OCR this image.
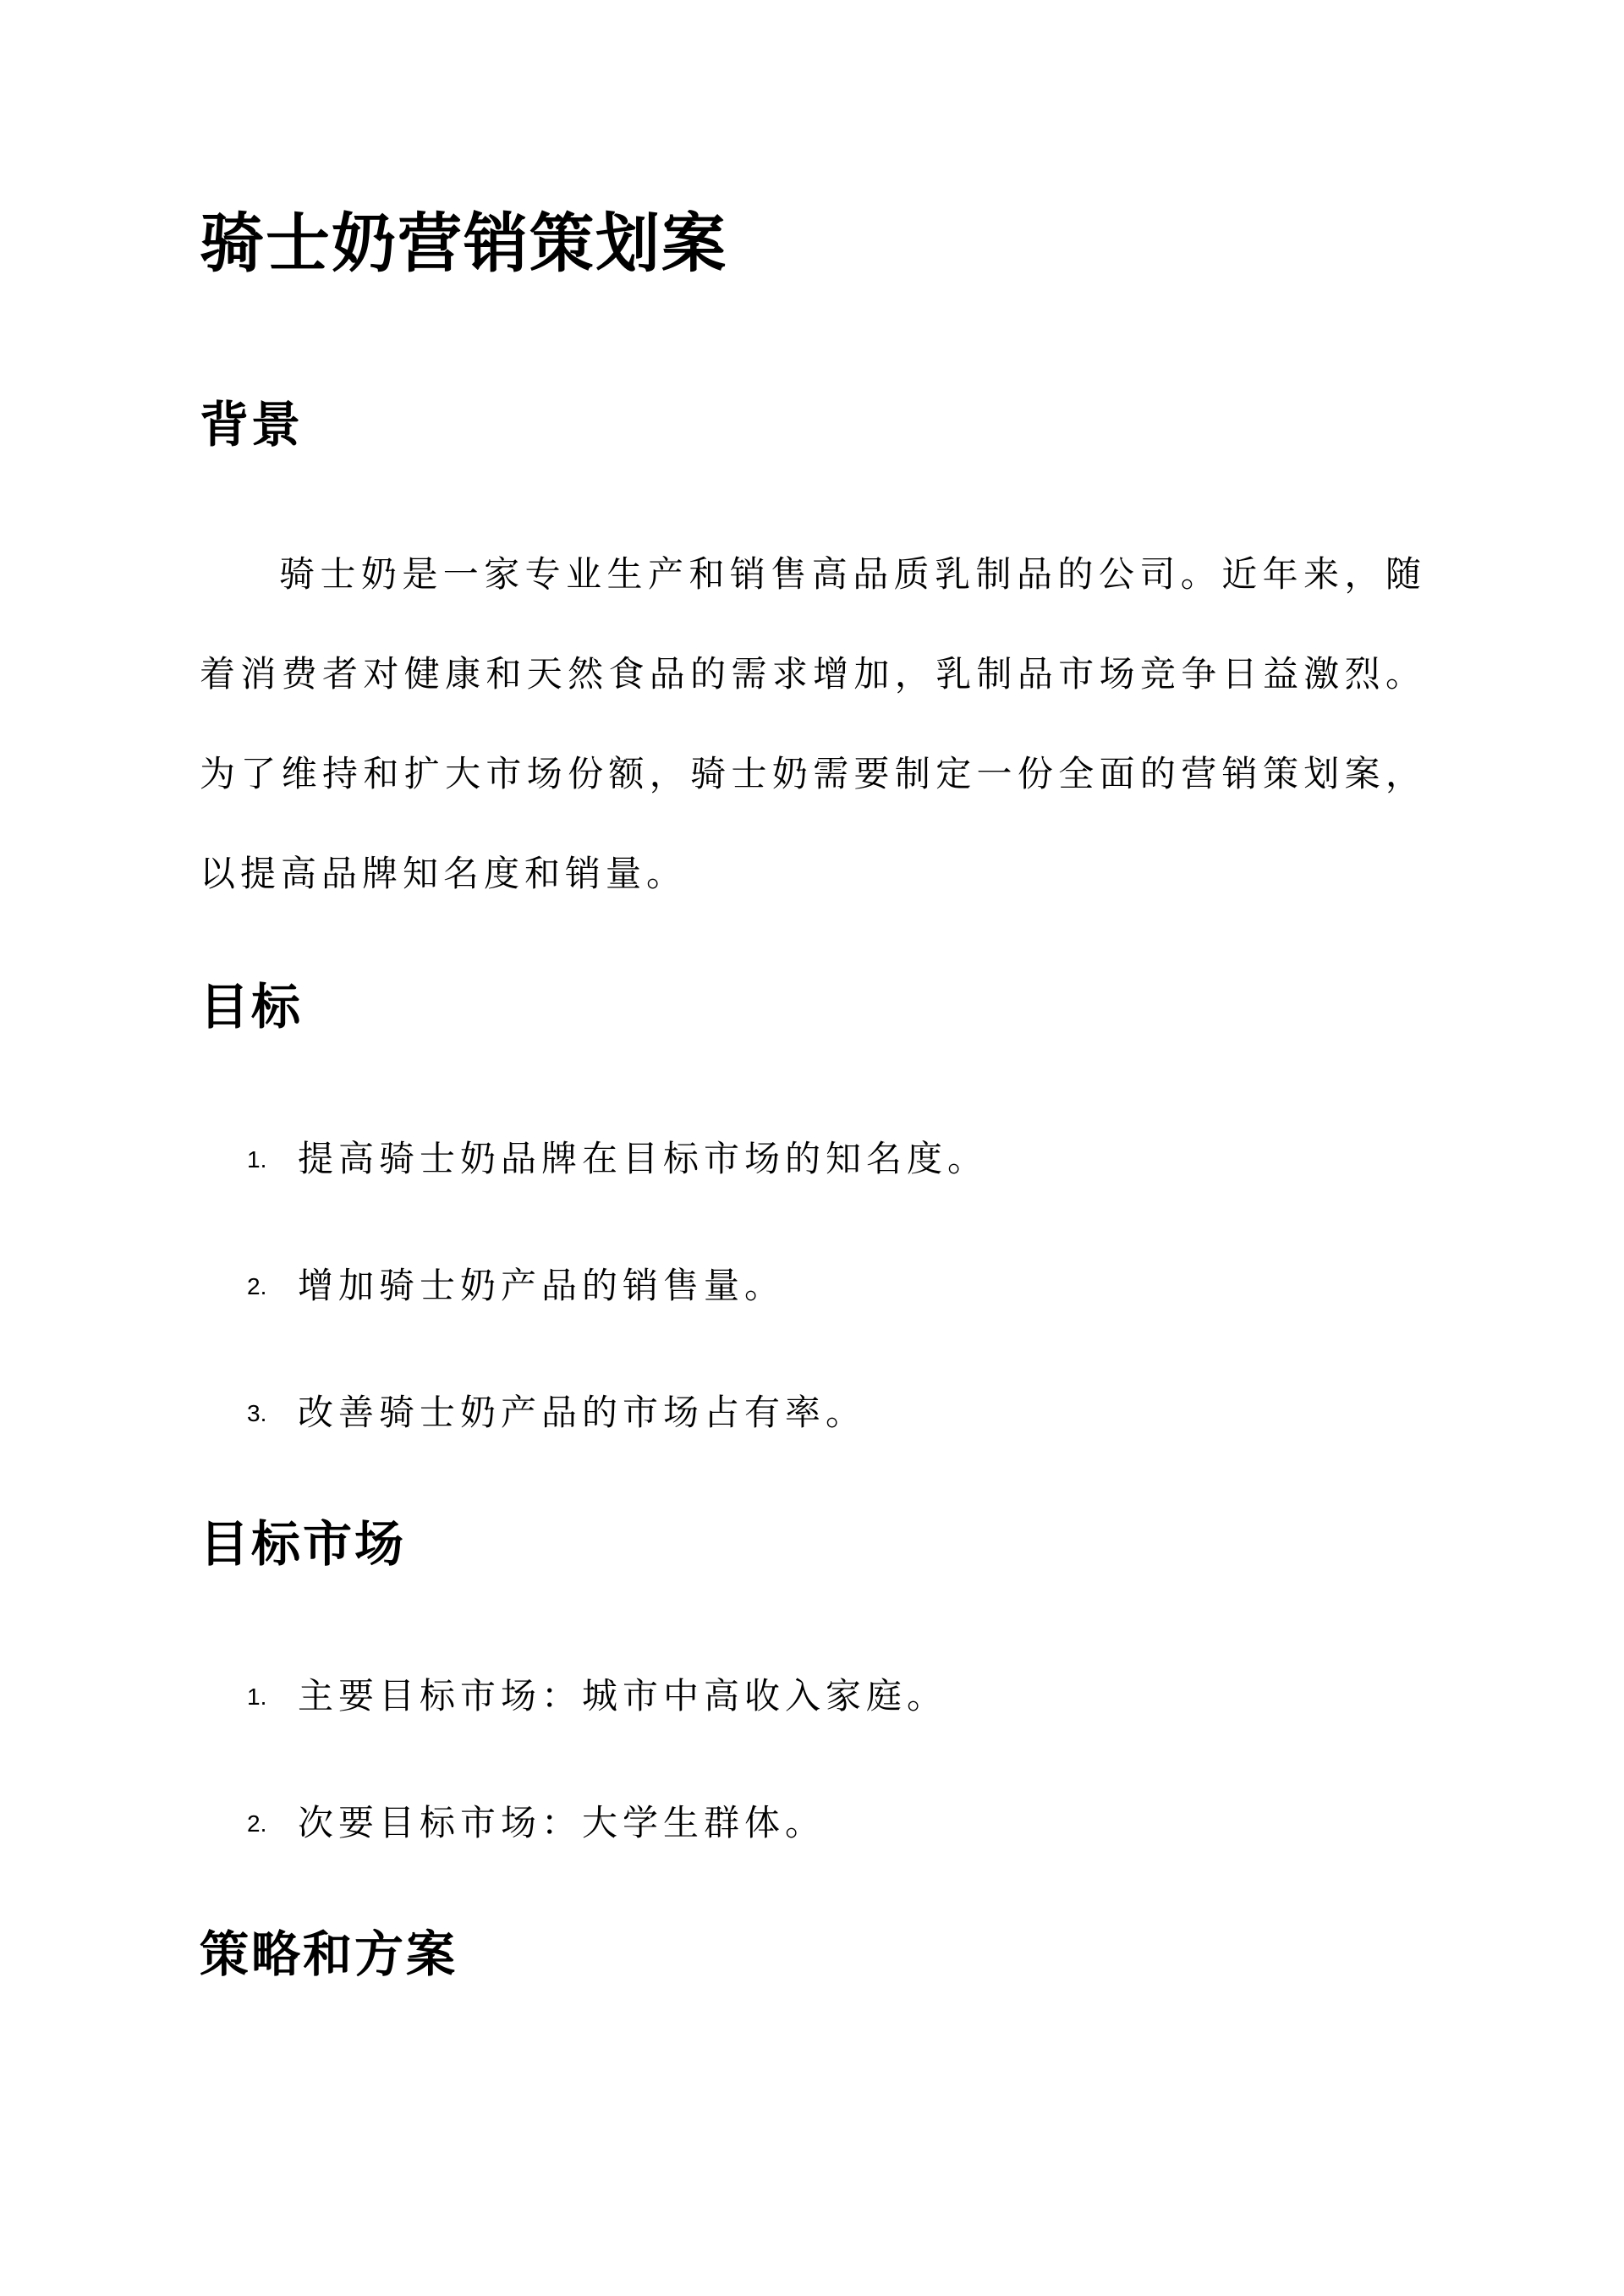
骑士奶营销策划案
背景

骑士奶是一家专业生产和销售高品质乳制品的公司。近年来，随着消费者对健康和天然食品的需求增加，乳制品市场竞争日益激烈。为了维持和扩大市场份额，骑士奶需要制定一份全面的营销策划案，以提高品牌知名度和销量。

目标
1. 提高骑士奶品牌在目标市场的知名度。
2. 增加骑士奶产品的销售量。
3. 改善骑士奶产品的市场占有率。
目标市场
1. 主要目标市场：城市中高收入家庭。
2. 次要目标市场：大学生群体。
策略和方案
